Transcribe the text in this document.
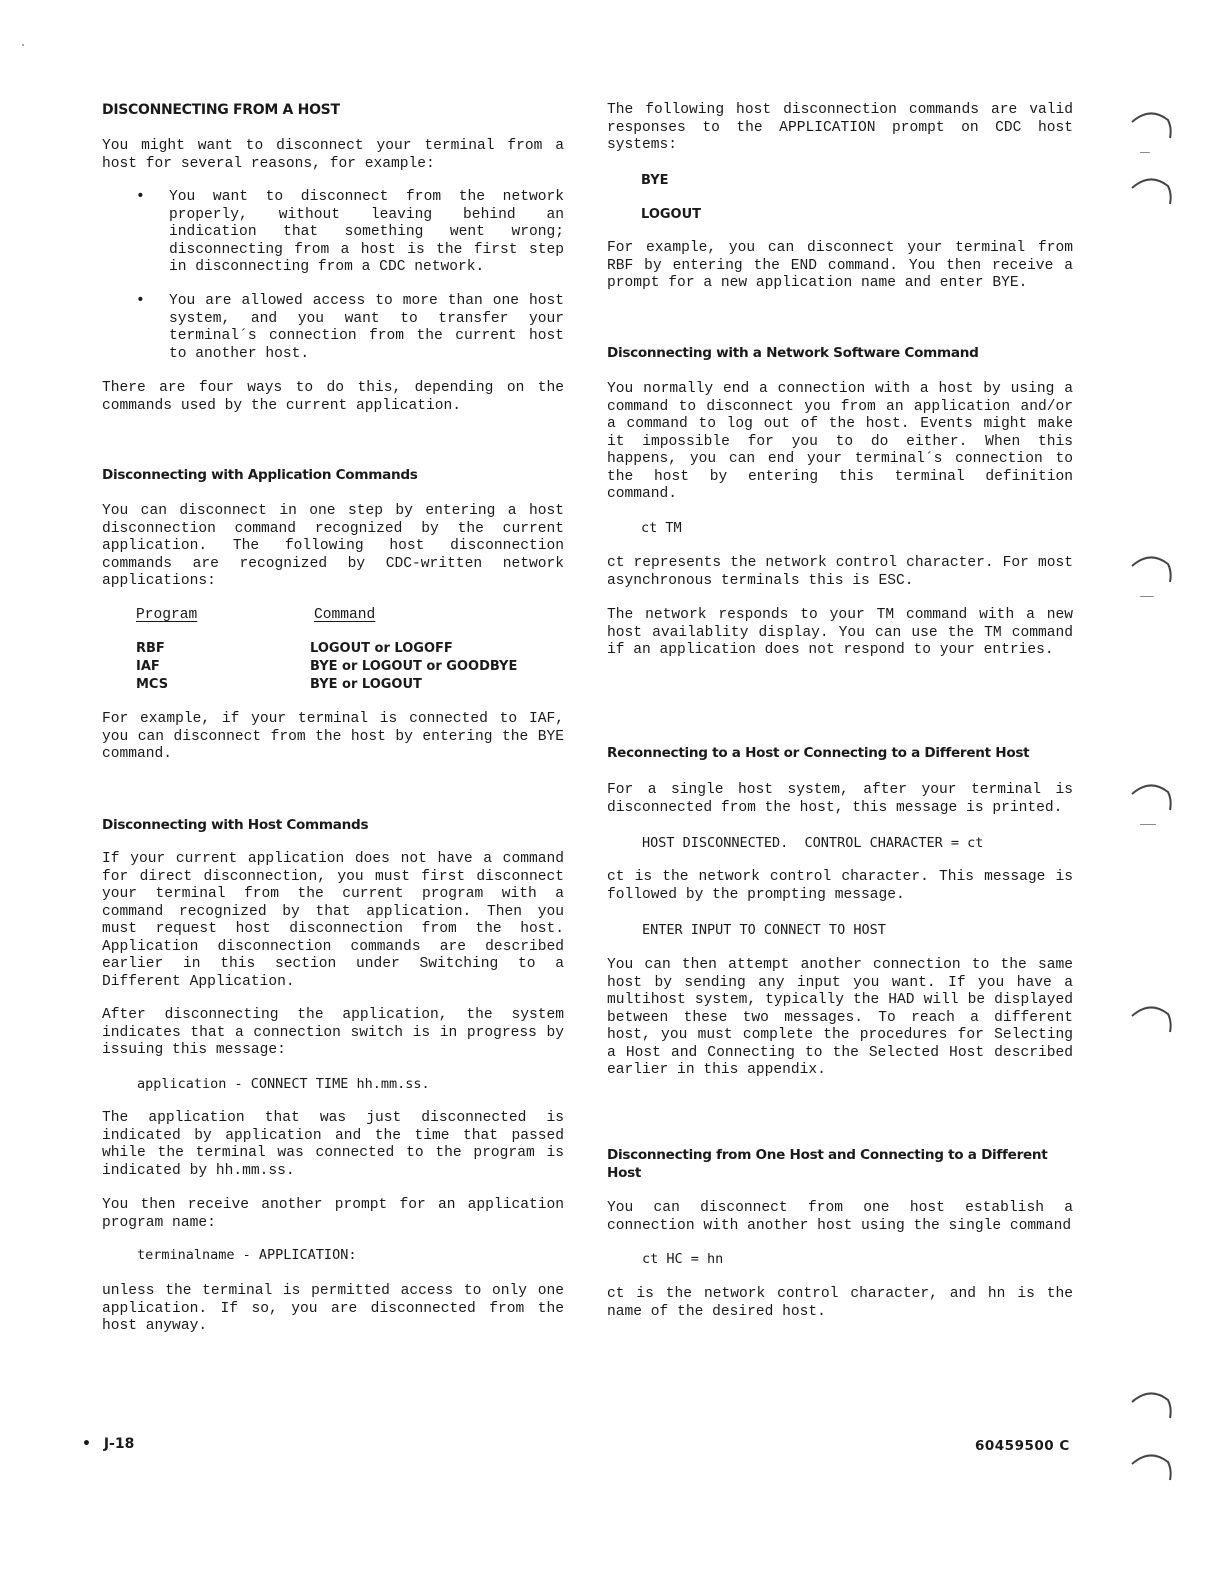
DISCONNECTING FROM A HOST

You might want to disconnect your terminal from a host for several reasons, for example:

• You want to disconnect from the network properly, without leaving behind an indication that something went wrong; disconnecting from a host is the first step in disconnecting from a CDC network.
• You are allowed access to more than one host system, and you want to transfer your terminal´s connection from the current host to another host.

There are four ways to do this, depending on the commands used by the current application.

Disconnecting with Application Commands

You can disconnect in one step by entering a host disconnection command recognized by the current application. The following host disconnection commands are recognized by CDC-written network applications:

Program	Command

RBF	LOGOUT or LOGOFF
IAF	BYE or LOGOUT or GOODBYE
MCS	BYE or LOGOUT

For example, if your terminal is connected to IAF, you can disconnect from the host by entering the BYE command.

Disconnecting with Host Commands

If your current application does not have a command for direct disconnection, you must first disconnect your terminal from the current program with a command recognized by that application. Then you must request host disconnection from the host. Application disconnection commands are described earlier in this section under Switching to a Different Application.

After disconnecting the application, the system indicates that a connection switch is in progress by issuing this message:

application - CONNECT TIME hh.mm.ss.

The application that was just disconnected is indicated by application and the time that passed while the terminal was connected to the program is indicated by hh.mm.ss.

You then receive another prompt for an application program name:

terminalname - APPLICATION:

unless the terminal is permitted access to only one application. If so, you are disconnected from the host anyway.

The following host disconnection commands are valid responses to the APPLICATION prompt on CDC host systems:

BYE
LOGOUT

For example, you can disconnect your terminal from RBF by entering the END command. You then receive a prompt for a new application name and enter BYE.

Disconnecting with a Network Software Command

You normally end a connection with a host by using a command to disconnect you from an application and/or a command to log out of the host. Events might make it impossible for you to do either. When this happens, you can end your terminal´s connection to the host by entering this terminal definition command.

ct TM

ct represents the network control character. For most asynchronous terminals this is ESC.

The network responds to your TM command with a new host availablity display. You can use the TM command if an application does not respond to your entries.

Reconnecting to a Host or Connecting to a Different Host

For a single host system, after your terminal is disconnected from the host, this message is printed.

HOST DISCONNECTED.  CONTROL CHARACTER = ct

ct is the network control character. This message is followed by the prompting message.

ENTER INPUT TO CONNECT TO HOST

You can then attempt another connection to the same host by sending any input you want. If you have a multihost system, typically the HAD will be displayed between these two messages. To reach a different host, you must complete the procedures for Selecting a Host and Connecting to the Selected Host described earlier in this appendix.

Disconnecting from One Host and Connecting to a Different Host

You can disconnect from one host establish a connection with another host using the single command

ct HC = hn

ct is the network control character, and hn is the name of the desired host.

• J-18	60459500 C
